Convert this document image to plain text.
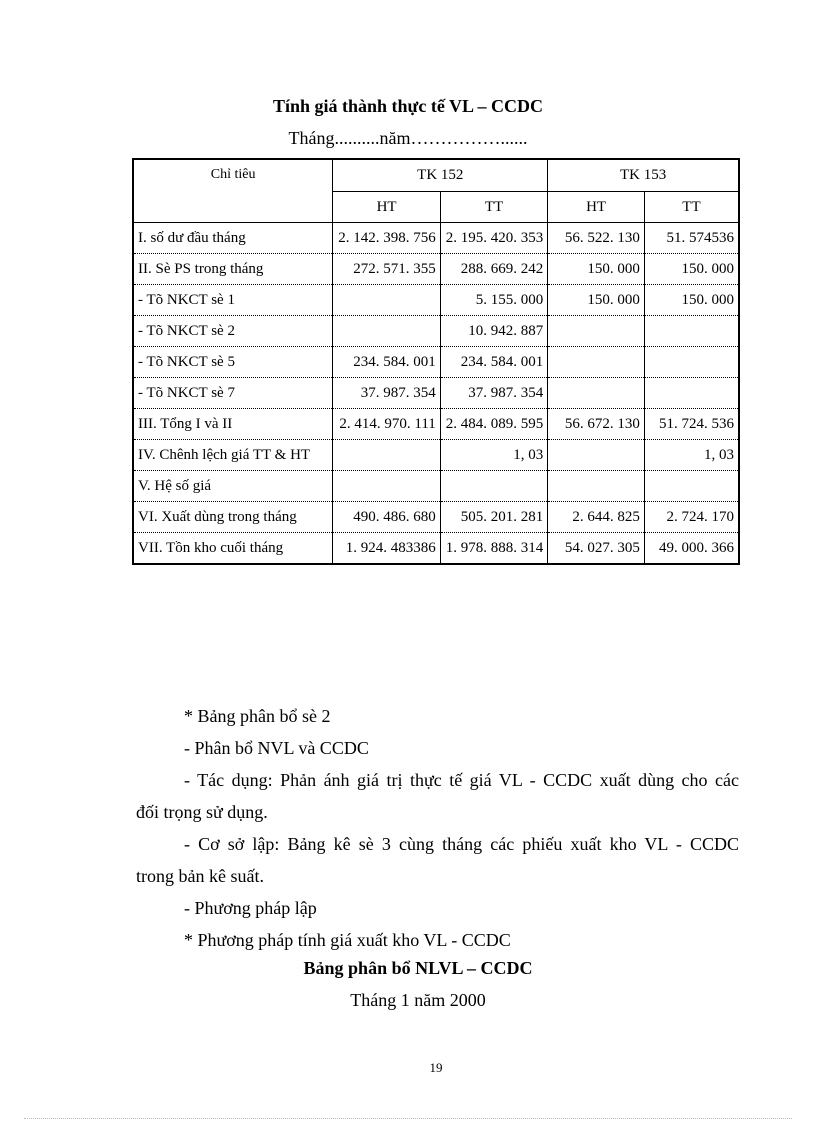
Tính giá thành thực tế VL – CCDC
Tháng..........năm……………......
Chỉ tiêu	TK 152		TK 153	
	HT	TT	HT	TT
I. số dư đầu tháng	2. 142. 398. 756	2. 195. 420. 353	56. 522. 130	51. 574536
II. Sè PS trong tháng	272. 571. 355	288. 669. 242	150. 000	150. 000
- Tõ NKCT sè 1		5. 155. 000	150. 000	150. 000
- Tõ NKCT sè 2		10. 942. 887		
- Tõ NKCT sè 5	234. 584. 001	234. 584. 001		
- Tõ NKCT sè 7	37. 987. 354	37. 987. 354		
III. Tổng I và II	2. 414. 970. 111	2. 484. 089. 595	56. 672. 130	51. 724. 536
IV. Chênh lệch giá TT & HT		1, 03		1, 03
V. Hệ số giá				
VI. Xuất dùng trong tháng	490. 486. 680	505. 201. 281	2. 644. 825	2. 724. 170
VII. Tồn kho cuối tháng	1. 924. 483386	1. 978. 888. 314	54. 027. 305	49. 000. 366
* Bảng phân bổ sè 2
- Phân bổ NVL và CCDC
- Tác dụng: Phản ánh giá trị thực tế giá VL - CCDC xuất dùng cho các
đối trọng sử dụng.
- Cơ sở lập: Bảng kê sè 3 cùng tháng các phiếu xuất kho VL - CCDC
trong bản kê suất.
- Phương pháp lập
* Phương pháp tính giá xuất kho VL - CCDC
Bảng phân bổ NLVL – CCDC
Tháng 1 năm 2000
19
